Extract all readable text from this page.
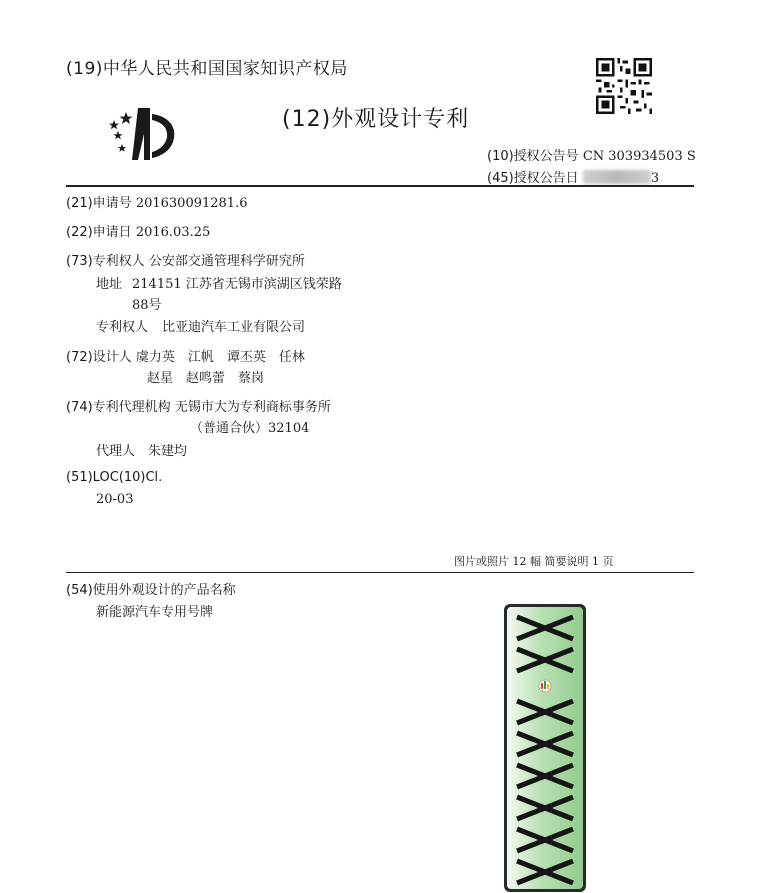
(19)中华人民共和国国家知识产权局
(12)外观设计专利
(10)授权公告号 CN 303934503 S
(45)授权公告日	3
(21)申请号 201630091281.6
(22)申请日 2016.03.25
(73)专利权人 公安部交通管理科学研究所
地址 214151 江苏省无锡市滨湖区钱荣路
88号
专利权人 比亚迪汽车工业有限公司
(72)设计人 虞力英　江帆　谭丕英　任林
赵星　赵鸣蕾　蔡岗
(74)专利代理机构 无锡市大为专利商标事务所
（普通合伙）32104
代理人 朱建均
(51)LOC(10)Cl.
20-03
图片或照片 12 幅 简要说明 1 页
(54)使用外观设计的产品名称
新能源汽车专用号牌
